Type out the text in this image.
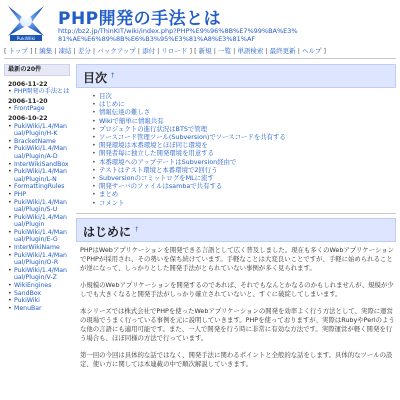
PukiWiki
PHP開発の手法とは
http://bz2.jp/ThinKIT/wiki/index.php?PHP%E9%96%8B%E7%99%BA%E3%81%AE%E6%89%8B%E6%B3%95%E3%81%A8%E3%81%AF
[ トップ ] [ 編集 | 凍結 | 差分 | バックアップ | 添付 | リロード ] [ 新規 | 一覧 | 単語検索 | 最終更新 | ヘルプ ]
最新の20件
2006-11-22
• PHP開発の手法とは
2006-11-20
• FrontPage
2006-10-22
• PukiWiki/1.4/Manual/Plugin/H-K
• BracketName
• PukiWiki/1.4/Manual/Plugin/A-D
• InterWikiSandBox
• PukiWiki/1.4/Manual/Plugin/L-N
• FormattingRules
• PHP
• PukiWiki/1.4/Manual/Plugin/S-U
• PukiWiki/1.4/Manual/Plugin
• PukiWiki/1.4/Manual/Plugin/E-G
• InterWikiName
• PukiWiki/1.4/Manual/Plugin/O-R
• PukiWiki/1.4/Manual/Plugin/V-Z
• WikiEngines
• SandBox
• PukiWiki
• MenuBar
目次 †
• 目次
• はじめに
• 情報伝達の難しさ
• Wikiで簡単に情報共有
• プロジェクトの進行状況はBTSで管理
• ソースコード管理ツール(Subversion)でソースコードを共有する
• 開発環境は本番環境とほぼ同じ環境を
• 開発者毎に独立した開発環境を用意する
• 本番環境へのアップデートはSubversion経由で
• テストはテスト環境と本番環境で2回行う
• SubversionのコミットログをMLに流す
• 開発サーバのファイルはsambaで共有する
• まとめ
• コメント
はじめに †

PHPはWebアプリケーションを開発できる言語として広く普及しました。現在も多くのWebアプリケーションでPHPが採用され、その勢いを保ち続けています。手軽なことは大変良いことですが、手軽に始められることが逆になって、しっかりとした開発手法がとられていない事例が多く見られます。

小規模のWebアプリケーションを開発するのであれば、それでもなんとかなるのかもしれませんが、規模が少しでも大きくなると開発手法がしっかり確立されていないと、すぐに破綻してしまいます。

本シリーズでは株式会社でPHPを使ったWebアプリケーションの開発を効率よく行う方法として、実際に運営の現場でうまく行っている事例を元に説明していきます。PHPを使っておりますが、実際はRubyやPerlのような他の言語にも適用可能です。また、一人で開発を行う時に非常に有効な方法です。実際運営が軽く開発を行う場合も、ほぼ同様の方法で行っています。

第一回の今回は具体的な話ではなく、開発手法に関わるポイントと全般的な話をします。具体的なツールの設定、使い方に関しては本連載の中で順次解説していきます。
